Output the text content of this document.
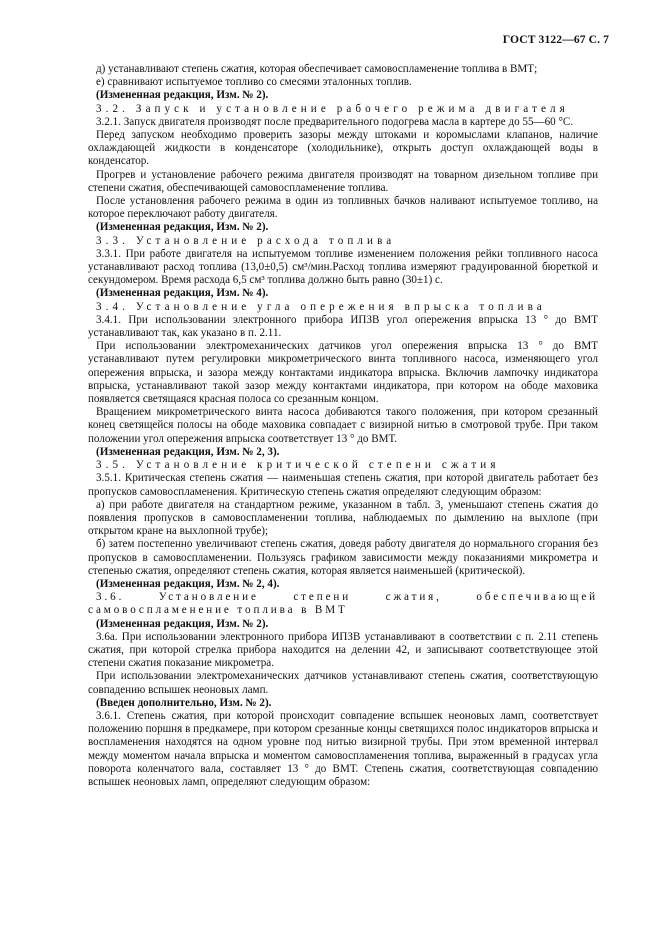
ГОСТ 3122—67 С. 7

д) устанавливают степень сжатия, которая обеспечивает самовоспламенение топлива в ВМТ;

е) сравнивают испытуемое топливо со смесями эталонных топлив.

(Измененная редакция, Изм. № 2).

3.2. Запуск и установление рабочего режима двигателя

3.2.1. Запуск двигателя производят после предварительного подогрева масла в картере до 55—60 °С.

Перед запуском необходимо проверить зазоры между штоками и коромыслами клапанов, наличие охлаждающей жидкости в конденсаторе (холодильнике), открыть доступ охлаждающей воды в конденсатор.

Прогрев и установление рабочего режима двигателя производят на товарном дизельном топливе при степени сжатия, обеспечивающей самовоспламенение топлива.

После установления рабочего режима в один из топливных бачков наливают испытуемое топливо, на которое переключают работу двигателя.

(Измененная редакция, Изм. № 2).

3.3. Установление расхода топлива

3.3.1. При работе двигателя на испытуемом топливе изменением положения рейки топливного насоса устанавливают расход топлива (13,0±0,5) см³/мин.Расход топлива измеряют градуированной бюреткой и секундомером. Время расхода 6,5 см³ топлива должно быть равно (30±1) с.

(Измененная редакция, Изм. № 4).

3.4. Установление угла опережения впрыска топлива

3.4.1. При использовании электронного прибора ИПЗВ угол опережения впрыска 13 ° до ВМТ устанавливают так, как указано в п. 2.11.

При использовании электромеханических датчиков угол опережения впрыска 13 ° до ВМТ устанавливают путем регулировки микрометрического винта топливного насоса, изменяющего угол опережения впрыска, и зазора между контактами индикатора впрыска. Включив лампочку индикатора впрыска, устанавливают такой зазор между контактами индикатора, при котором на ободе маховика появляется светящаяся красная полоса со срезанным концом.

Вращением микрометрического винта насоса добиваются такого положения, при котором срезанный конец светящейся полосы на ободе маховика совпадает с визирной нитью в смотровой трубе. При таком положении угол опережения впрыска соответствует 13 ° до ВМТ.

(Измененная редакция, Изм. № 2, 3).

3.5. Установление критической степени сжатия

3.5.1. Критическая степень сжатия — наименьшая степень сжатия, при которой двигатель работает без пропусков самовоспламенения. Критическую степень сжатия определяют следующим образом:

а) при работе двигателя на стандартном режиме, указанном в табл. 3, уменьшают степень сжатия до появления пропусков в самовоспламенении топлива, наблюдаемых по дымлению на выхлопе (при открытом кране на выхлопной трубе);

б) затем постепенно увеличивают степень сжатия, доведя работу двигателя до нормального сгорания без пропусков в самовоспламенении. Пользуясь графиком зависимости между показаниями микрометра и степенью сжатия, определяют степень сжатия, которая является наименьшей (критической).

(Измененная редакция, Изм. № 2, 4).

3.6. Установление степени сжатия, обеспечивающей самовоспламенение топлива в ВМТ

(Измененная редакция, Изм. № 2).

3.6а. При использовании электронного прибора ИПЗВ устанавливают в соответствии с п. 2.11 степень сжатия, при которой стрелка прибора находится на делении 42, и записывают соответствующее этой степени сжатия показание микрометра.

При использовании электромеханических датчиков устанавливают степень сжатия, соответствующую совпадению вспышек неоновых ламп.

(Введен дополнительно, Изм. № 2).

3.6.1. Степень сжатия, при которой происходит совпадение вспышек неоновых ламп, соответствует положению поршня в предкамере, при котором срезанные концы светящихся полос индикаторов впрыска и воспламенения находятся на одном уровне под нитью визирной трубы. При этом временной интервал между моментом начала впрыска и моментом самовоспламенения топлива, выраженный в градусах угла поворота коленчатого вала, составляет 13 ° до ВМТ. Степень сжатия, соответствующая совпадению вспышек неоновых ламп, определяют следующим образом:
